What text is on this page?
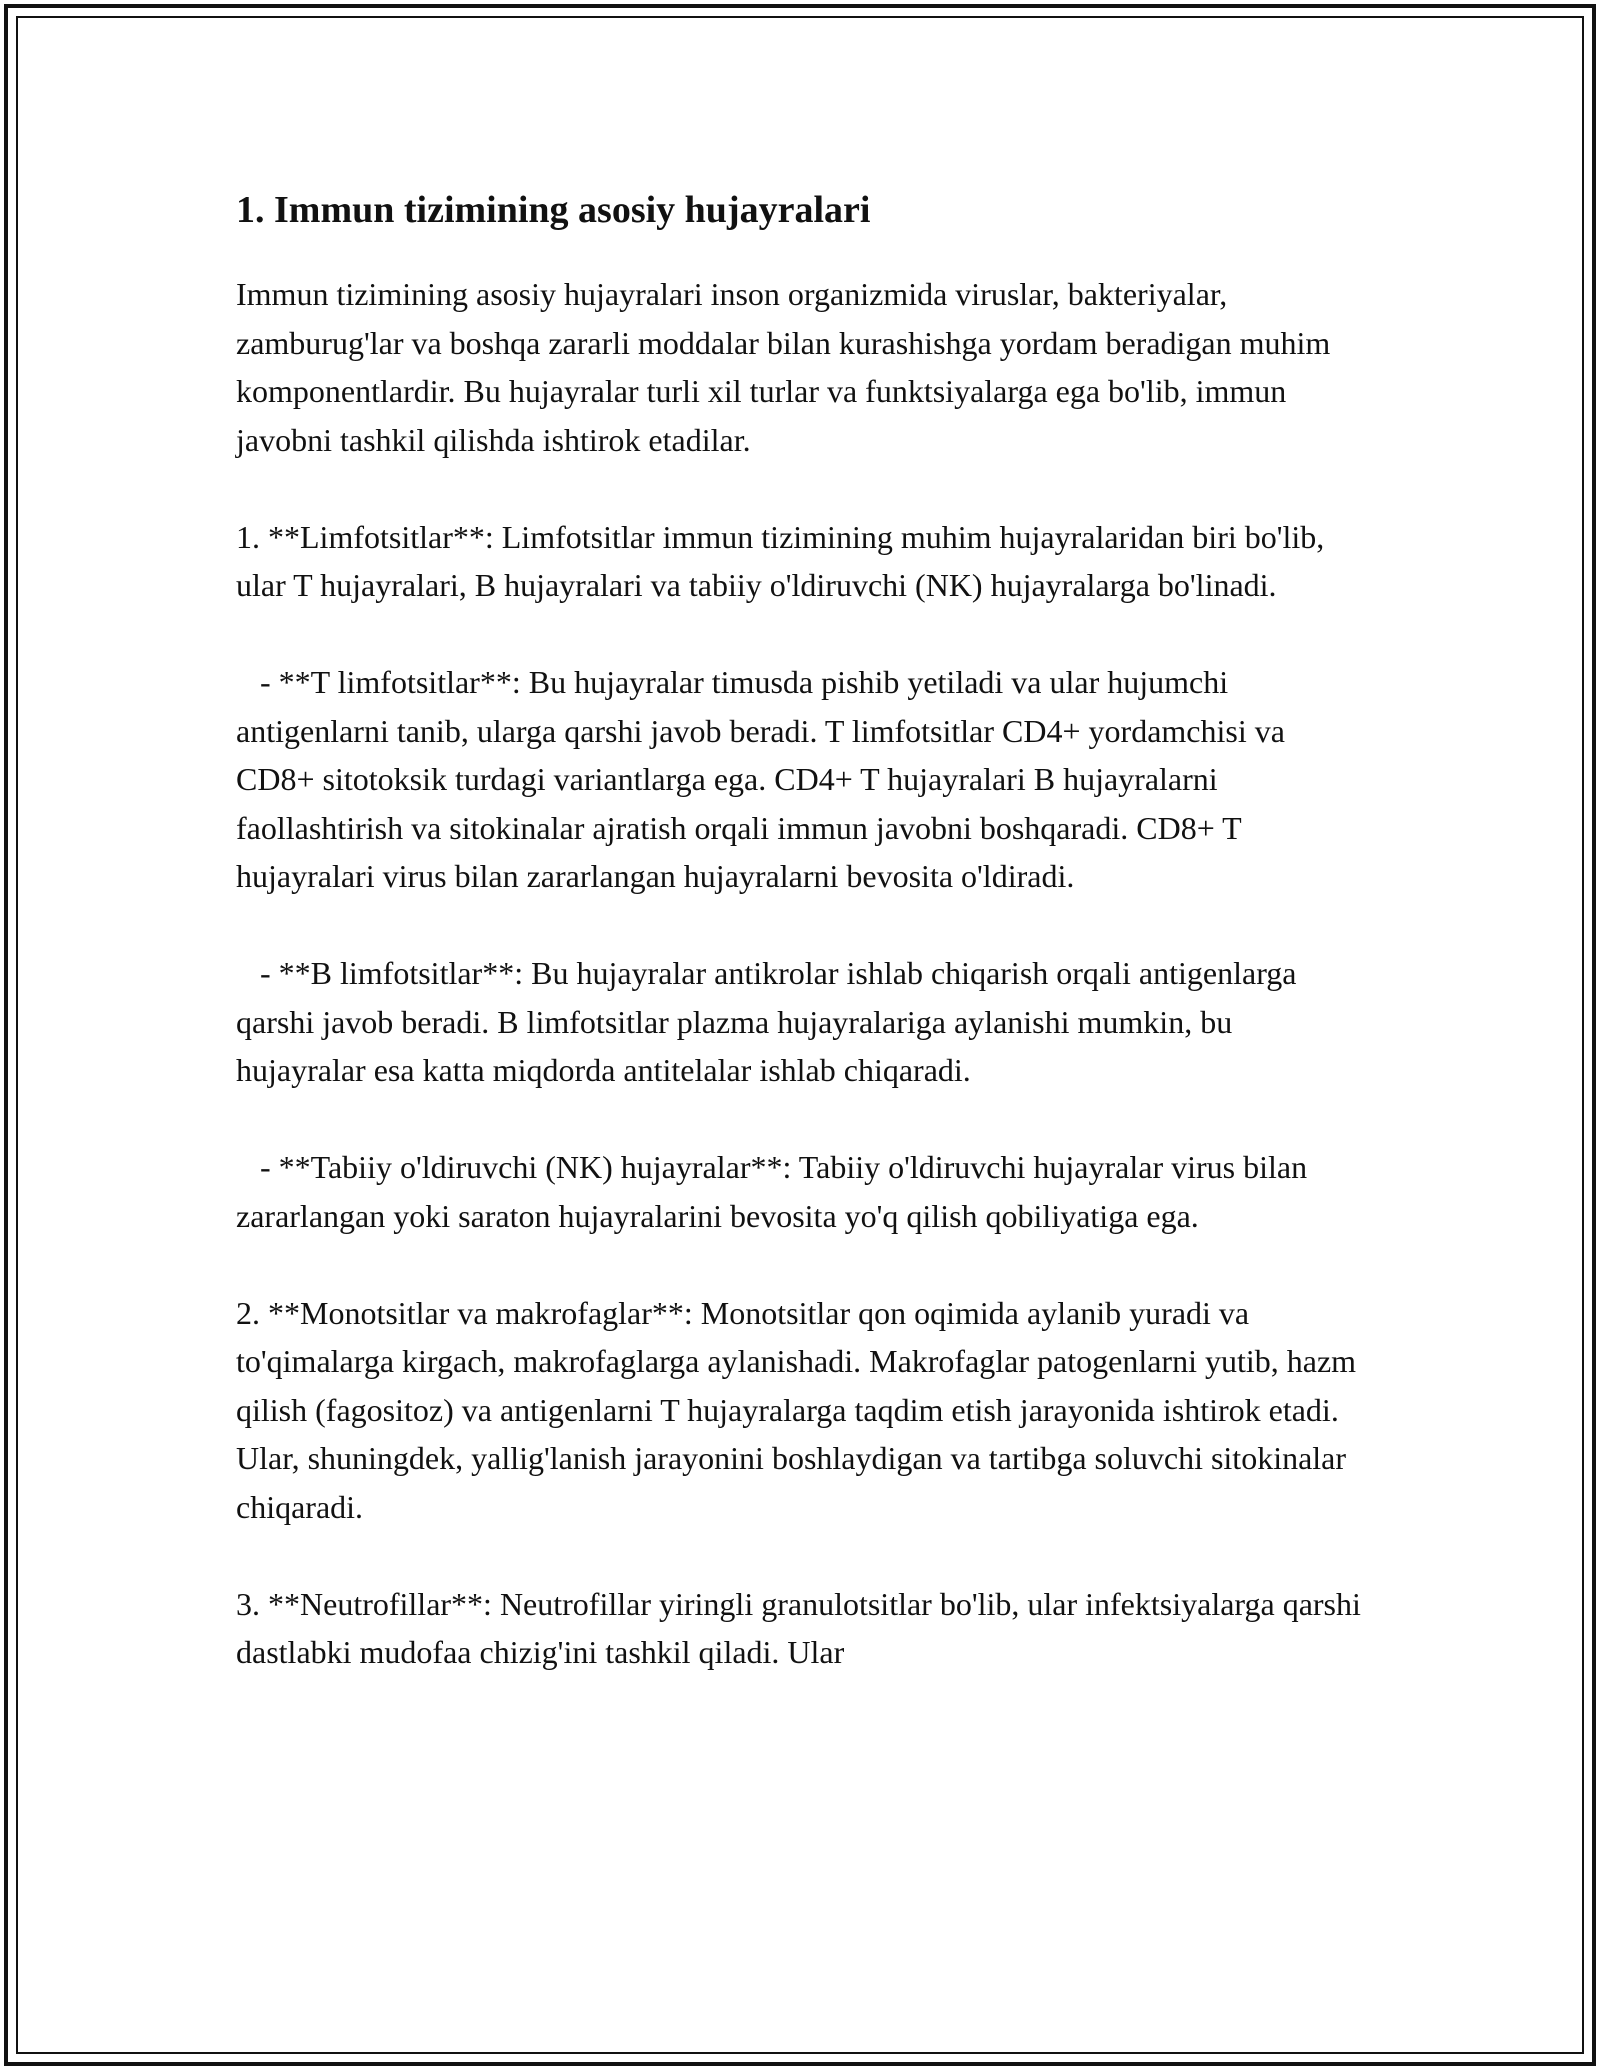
1. Immun tizimining asosiy hujayralari

Immun tizimining asosiy hujayralari inson organizmida viruslar, bakteriyalar, zamburug'lar va boshqa zararli moddalar bilan kurashishga yordam beradigan muhim komponentlardir. Bu hujayralar turli xil turlar va funktsiyalarga ega bo'lib, immun javobni tashkil qilishda ishtirok etadilar.

1. **Limfotsitlar**: Limfotsitlar immun tizimining muhim hujayralaridan biri bo'lib, ular T hujayralari, B hujayralari va tabiiy o'ldiruvchi (NK) hujayralarga bo'linadi.

- **T limfotsitlar**: Bu hujayralar timusda pishib yetiladi va ular hujumchi antigenlarni tanib, ularga qarshi javob beradi. T limfotsitlar CD4+ yordamchisi va CD8+ sitotoksik turdagi variantlarga ega. CD4+ T hujayralari B hujayralarni faollashtirish va sitokinalar ajratish orqali immun javobni boshqaradi. CD8+ T hujayralari virus bilan zararlangan hujayralarni bevosita o'ldiradi.

- **B limfotsitlar**: Bu hujayralar antikrolar ishlab chiqarish orqali antigenlarga qarshi javob beradi. B limfotsitlar plazma hujayralariga aylanishi mumkin, bu hujayralar esa katta miqdorda antitelalar ishlab chiqaradi.

- **Tabiiy o'ldiruvchi (NK) hujayralar**: Tabiiy o'ldiruvchi hujayralar virus bilan zararlangan yoki saraton hujayralarini bevosita yo'q qilish qobiliyatiga ega.

2. **Monotsitlar va makrofaglar**: Monotsitlar qon oqimida aylanib yuradi va to'qimalarga kirgach, makrofaglarga aylanishadi. Makrofaglar patogenlarni yutib, hazm qilish (fagositoz) va antigenlarni T hujayralarga taqdim etish jarayonida ishtirok etadi. Ular, shuningdek, yallig'lanish jarayonini boshlaydigan va tartibga soluvchi sitokinalar chiqaradi.

3. **Neutrofillar**: Neutrofillar yiringli granulotsitlar bo'lib, ular infektsiyalarga qarshi dastlabki mudofaa chizig'ini tashkil qiladi. Ular
